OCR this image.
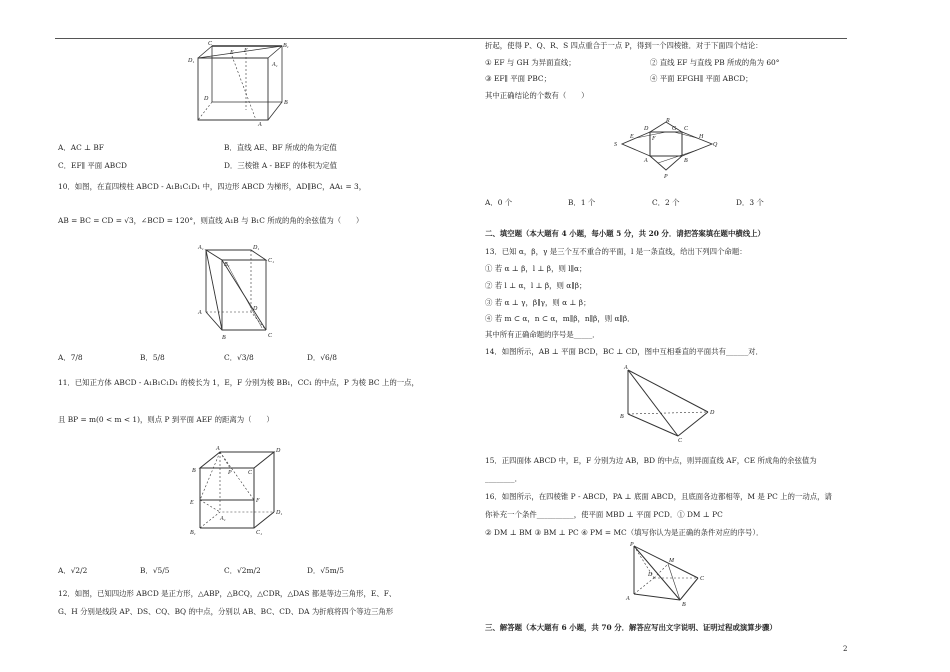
C	B₁
D₁
A₁
F
E
D
B
A
A．AC ⊥ BF	B．直线 AE、BF 所成的角为定值
C．EF∥ 平面 ABCD	D．三棱锥 A - BEF 的体积为定值
10．如图，在直四棱柱 ABCD - A₁B₁C₁D₁ 中，四边形 ABCD 为梯形，AD∥BC，AA₁ = 3，
AB = BC = CD = √3，∠BCD = 120°，则直线 A₁B 与 B₁C 所成的角的余弦值为（　　）
A₁
B₁
C₁
D₁
A
B	C
D
A．7/8	B．5/8	C．√3/8	D．√6/8
11．已知正方体 ABCD - A₁B₁C₁D₁ 的棱长为 1，E，F 分别为棱 BB₁，CC₁ 的中点，P 为棱 BC 上的一点，
且 BP = m(0 < m < 1)，则点 P 到平面 AEF 的距离为（　　）
A	D
B	P	C
E	F
D₁
A₁
B₁	C₁
A．√2/2	B．√5/5	C．√2m/2	D．√5m/5
12．如图，已知四边形 ABCD 是正方形，△ABP，△BCQ，△CDR，△DAS 都是等边三角形，E、F、
G、H 分别是线段 AP、DS、CQ、BQ 的中点，分别以 AB、BC、CD、DA 为折痕将四个等边三角形
折起，使得 P、Q、R、S 四点重合于一点 P，得到一个四棱锥．对于下面四个结论：
① EF 与 GH 为异面直线；	② 直线 EF 与直线 PB 所成的角为 60°
③ EF∥ 平面 PBC；	④ 平面 EFGH∥ 平面 ABCD；
其中正确结论的个数有（　　）
S
D
R
C
Q
H
G
E	F
A	B
P
A．0 个	B．1 个	C．2 个	D．3 个
二、填空题（本大题有 4 小题，每小题 5 分，共 20 分．请把答案填在题中横线上）
13．已知 α，β，γ 是三个互不重合的平面，l 是一条直线，给出下列四个命题：
① 若 α ⊥ β，l ⊥ β，则 l∥α；
② 若 l ⊥ α，l ⊥ β，则 α∥β；
③ 若 α ⊥ γ，β∥γ，则 α ⊥ β；
④ 若 m ⊂ α，n ⊂ α，m∥β，n∥β，则 α∥β．
其中所有正确命题的序号是_____．
14．如图所示，AB ⊥ 平面 BCD，BC ⊥ CD，图中互相垂直的平面共有______对．
A
B
D
C
15．正四面体 ABCD 中，E，F 分别为边 AB，BD 的中点，则异面直线 AF，CE 所成角的余弦值为
________．
16．如图所示，在四棱锥 P - ABCD，PA ⊥ 底面 ABCD，且底面各边都相等，M 是 PC 上的一动点，请
你补充一个条件__________，使平面 MBD ⊥ 平面 PCD．① DM ⊥ PC
② DM ⊥ BM ③ BM ⊥ PC ④ PM = MC（填写你认为是正确的条件对应的序号）．
P
M
D
A
B
C
三、解答题（本大题有 6 小题，共 70 分．解答应写出文字说明、证明过程或演算步骤）
2
